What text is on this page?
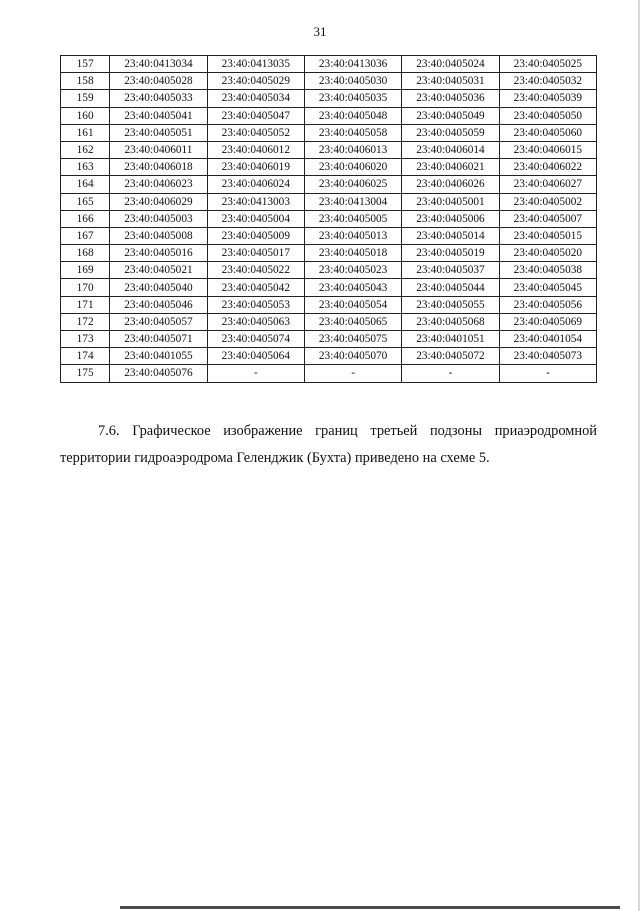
31
157	23:40:0413034	23:40:0413035	23:40:0413036	23:40:0405024	23:40:0405025
158	23:40:0405028	23:40:0405029	23:40:0405030	23:40:0405031	23:40:0405032
159	23:40:0405033	23:40:0405034	23:40:0405035	23:40:0405036	23:40:0405039
160	23:40:0405041	23:40:0405047	23:40:0405048	23:40:0405049	23:40:0405050
161	23:40:0405051	23:40:0405052	23:40:0405058	23:40:0405059	23:40:0405060
162	23:40:0406011	23:40:0406012	23:40:0406013	23:40:0406014	23:40:0406015
163	23:40:0406018	23:40:0406019	23:40:0406020	23:40:0406021	23:40:0406022
164	23:40:0406023	23:40:0406024	23:40:0406025	23:40:0406026	23:40:0406027
165	23:40:0406029	23:40:0413003	23:40:0413004	23:40:0405001	23:40:0405002
166	23:40:0405003	23:40:0405004	23:40:0405005	23:40:0405006	23:40:0405007
167	23:40:0405008	23:40:0405009	23:40:0405013	23:40:0405014	23:40:0405015
168	23:40:0405016	23:40:0405017	23:40:0405018	23:40:0405019	23:40:0405020
169	23:40:0405021	23:40:0405022	23:40:0405023	23:40:0405037	23:40:0405038
170	23:40:0405040	23:40:0405042	23:40:0405043	23:40:0405044	23:40:0405045
171	23:40:0405046	23:40:0405053	23:40:0405054	23:40:0405055	23:40:0405056
172	23:40:0405057	23:40:0405063	23:40:0405065	23:40:0405068	23:40:0405069
173	23:40:0405071	23:40:0405074	23:40:0405075	23:40:0401051	23:40:0401054
174	23:40:0401055	23:40:0405064	23:40:0405070	23:40:0405072	23:40:0405073
175	23:40:0405076	-	-	-	-
7.6. Графическое изображение границ третьей подзоны приаэродромной
территории гидроаэродрома Геленджик (Бухта) приведено на схеме 5.
